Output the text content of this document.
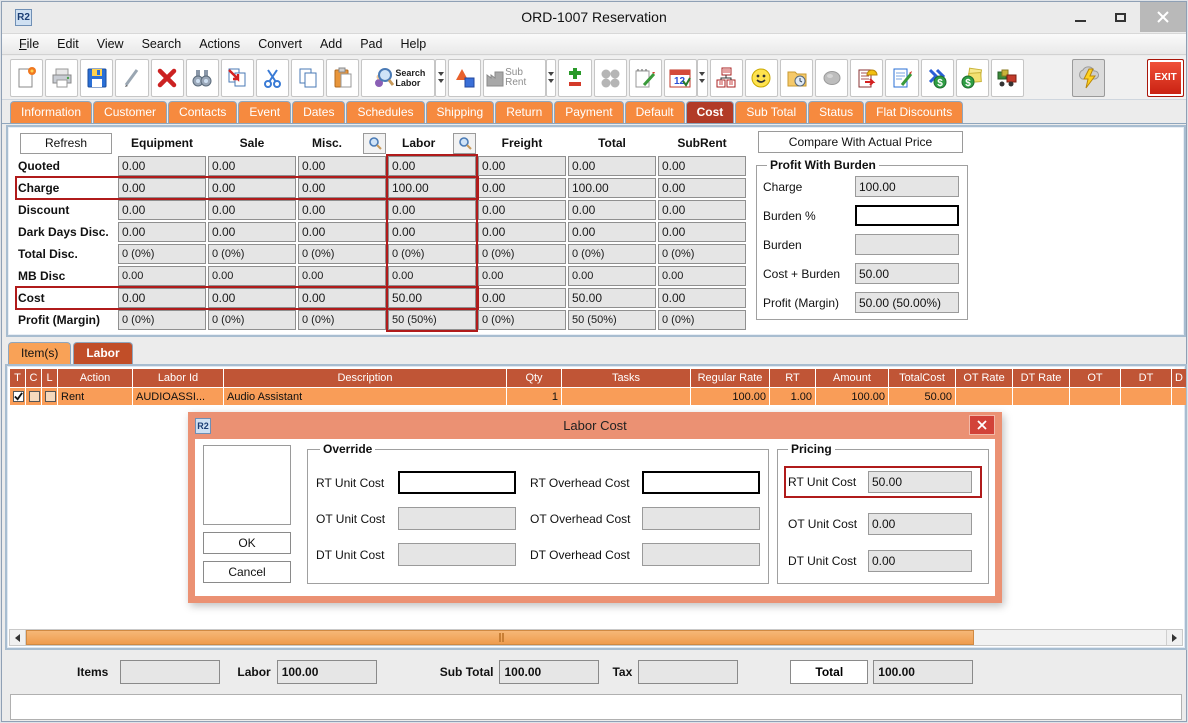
R2	ORD-1007 Reservation
File	Edit	View	Search	Actions	Convert	Add	Pad	Help
Search
Labor
Sub Rent	12	$ $	EXIT
Information	Customer	Contacts	Event	Dates	Schedules	Shipping	Return	Payment	Default	Cost	Sub Total	Status	Flat Discounts
Refresh	Equipment	Sale	Misc.	Labor	Freight	Total	SubRent
Quoted	0.00	0.00	0.00	0.00	0.00	0.00	0.00
Charge	0.00	0.00	0.00	100.00	0.00	100.00	0.00
Discount	0.00	0.00	0.00	0.00	0.00	0.00	0.00
Dark Days Disc.	0.00	0.00	0.00	0.00	0.00	0.00	0.00
Total Disc.	0 (0%)	0 (0%)	0 (0%)	0 (0%)	0 (0%)	0 (0%)	0 (0%)
MB Disc	0.00	0.00	0.00	0.00	0.00	0.00	0.00
Cost	0.00	0.00	0.00	50.00	0.00	50.00	0.00
Profit (Margin)	0 (0%)	0 (0%)	0 (0%)	50 (50%)	0 (0%)	50 (50%)	0 (0%)
Compare With Actual Price
Profit With Burden
Charge	100.00
Burden %
Burden
Cost + Burden	50.00
Profit (Margin)	50.00 (50.00%)
Item(s)	Labor
T	C	L	Action	Labor Id	Description	Qty	Tasks	Regular Rate	RT	Amount	TotalCost	OT Rate	DT Rate	OT	DT	D

	Rent	AUDIOASSI...	Audio Assistant	1		100.00	1.00	100.00	50.00					
Items	Labor 100.00	Sub Total 100.00	Tax	Total	100.00
R2	Labor Cost
OK
Cancel
Override
RT Unit Cost	RT Overhead Cost
OT Unit Cost	OT Overhead Cost
DT Unit Cost	DT Overhead Cost
Pricing
RT Unit Cost
50.00
OT Unit Cost
0.00
DT Unit Cost
0.00
